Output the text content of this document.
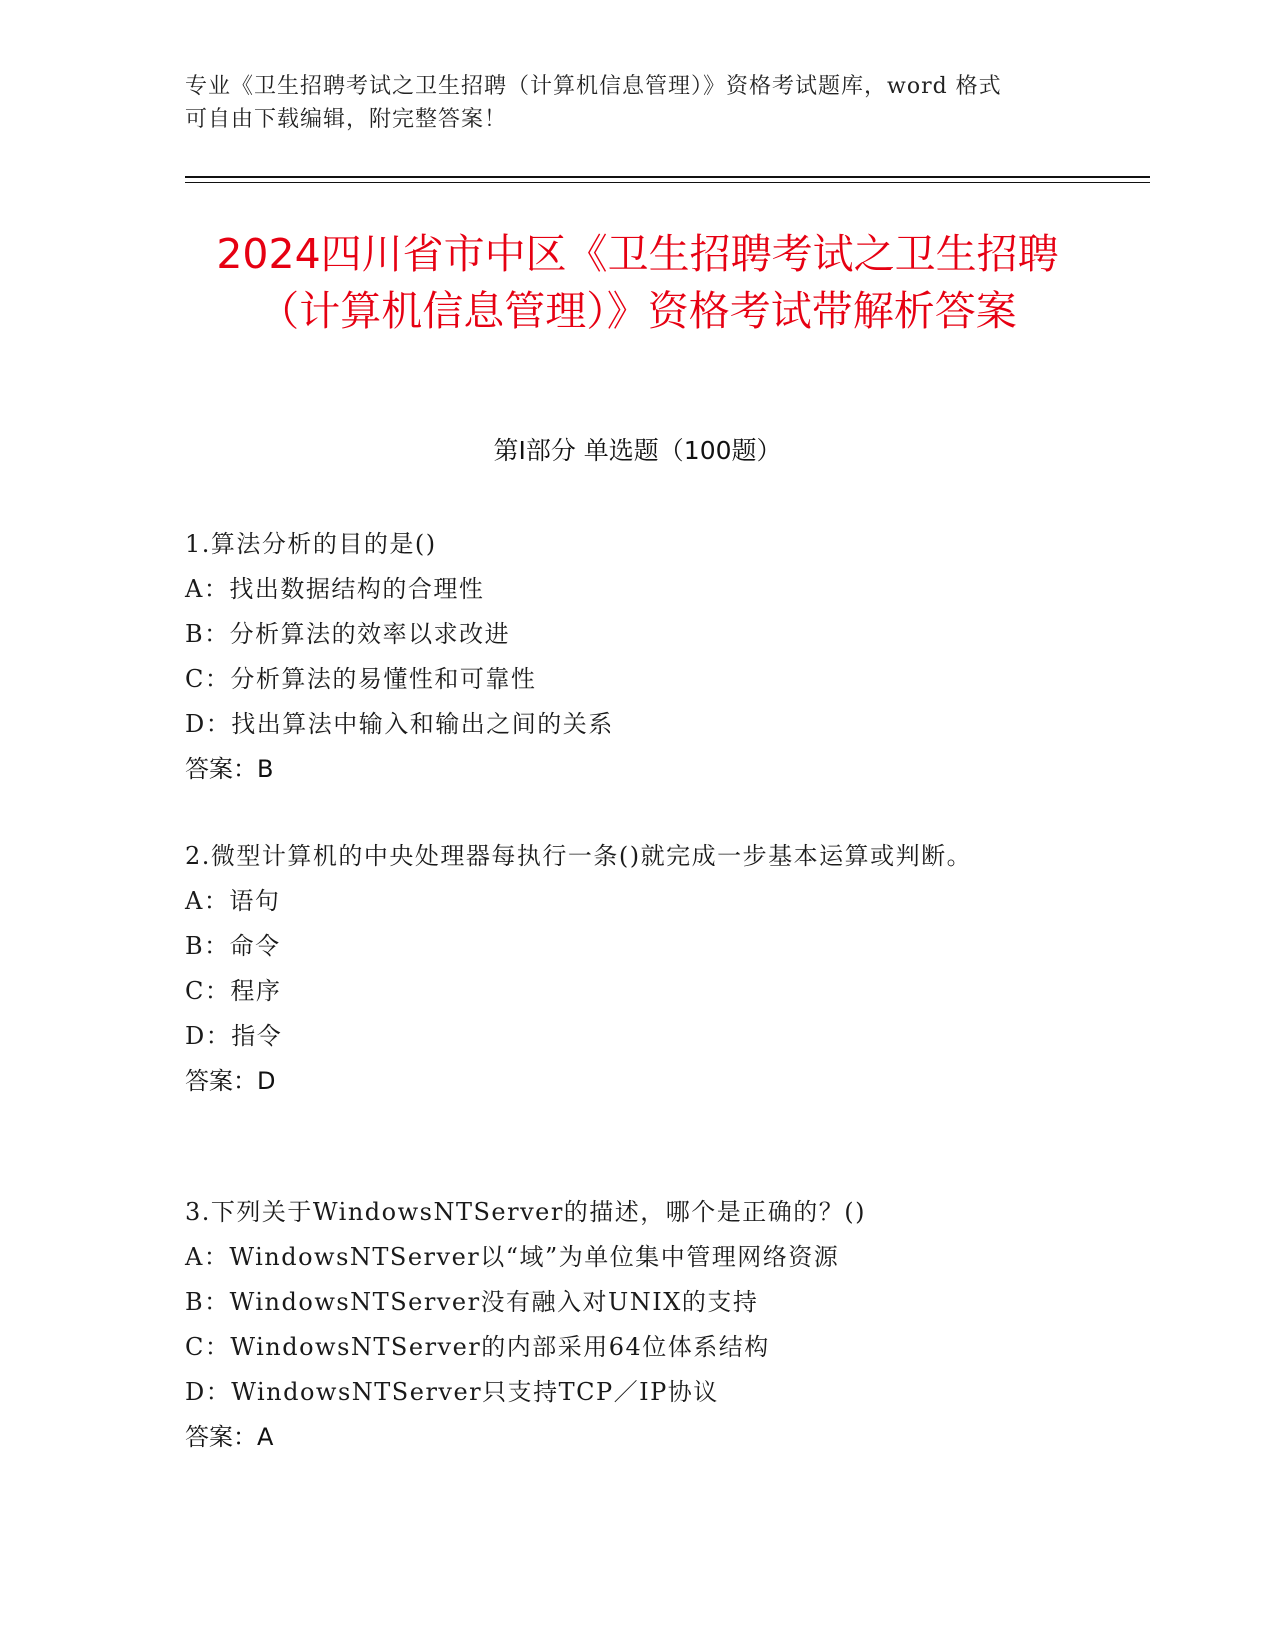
专业《卫生招聘考试之卫生招聘（计算机信息管理）》资格考试题库，word 格式
可自由下载编辑，附完整答案！
2024四川省市中区《卫生招聘考试之卫生招聘（计算机信息管理）》资格考试带解析答案
第Ⅰ部分 单选题（100题）
1.算法分析的目的是()
A：找出数据结构的合理性
B：分析算法的效率以求改进
C：分析算法的易懂性和可靠性
D：找出算法中输入和输出之间的关系
答案：B
2.微型计算机的中央处理器每执行一条()就完成一步基本运算或判断。
A：语句
B：命令
C：程序
D：指令
答案：D
3.下列关于WindowsNTServer的描述，哪个是正确的？()
A：WindowsNTServer以“域”为单位集中管理网络资源
B：WindowsNTServer没有融入对UNIX的支持
C：WindowsNTServer的内部采用64位体系结构
D：WindowsNTServer只支持TCP／IP协议
答案：A
